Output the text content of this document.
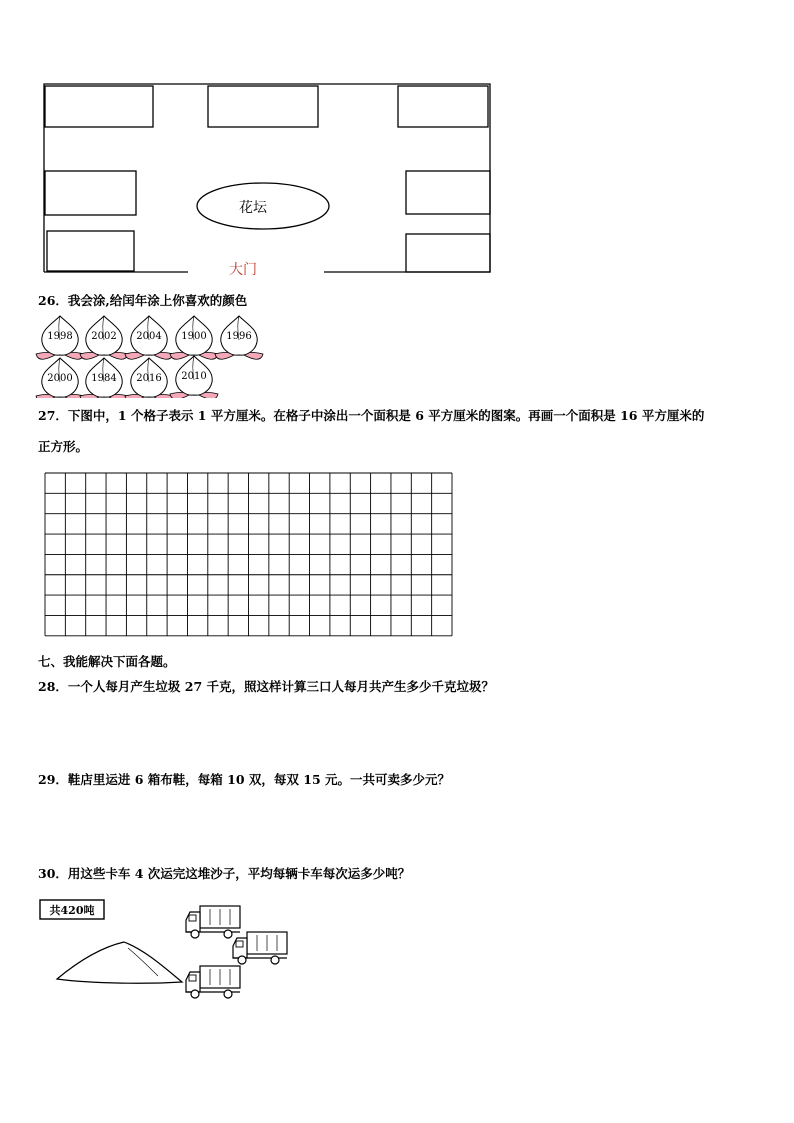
花坛
大门
26．我会涂,给闰年涂上你喜欢的颜色
1998 2002 2004 1900 1996
2000 1984 2016 2010
27．下图中，1 个格子表示 1 平方厘米。在格子中涂出一个面积是 6 平方厘米的图案。再画一个面积是 16 平方厘米的
正方形。
七、我能解决下面各题。
28．一个人每月产生垃圾 27 千克，照这样计算三口人每月共产生多少千克垃圾？
29．鞋店里运进 6 箱布鞋，每箱 10 双，每双 15 元。一共可卖多少元？
30．用这些卡车 4 次运完这堆沙子，平均每辆卡车每次运多少吨？
共420吨
